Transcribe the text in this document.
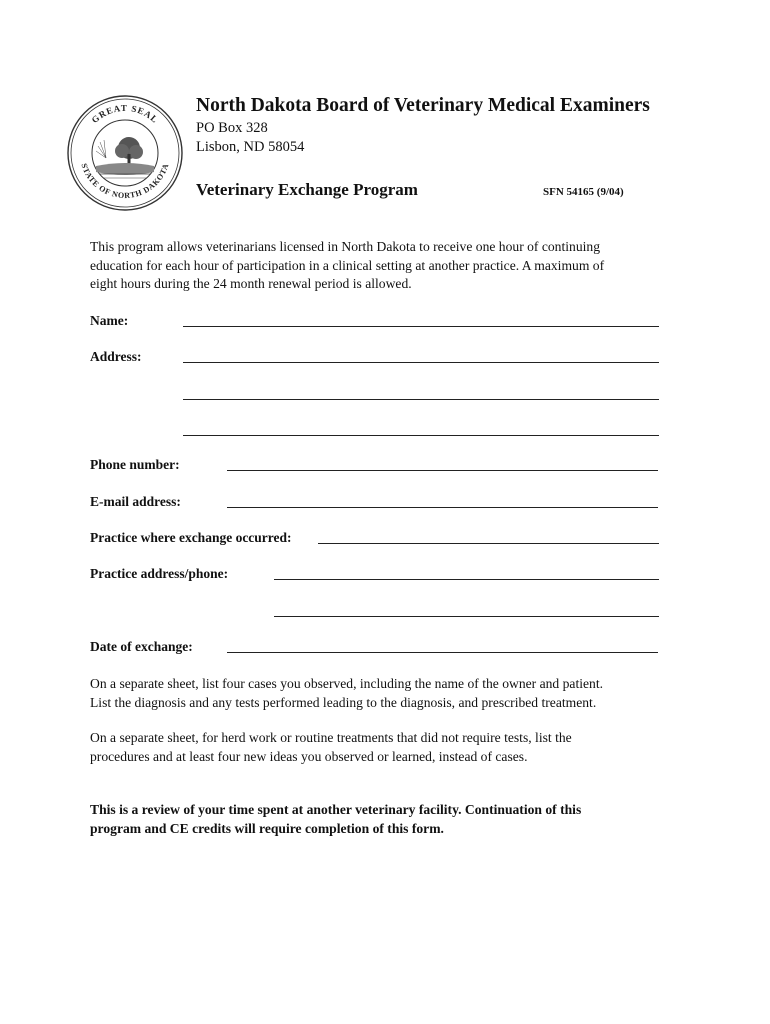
GREAT SEAL
STATE OF NORTH DAKOTA
North Dakota Board of Veterinary Medical Examiners
PO Box 328
Lisbon, ND 58054
Veterinary Exchange Program	SFN 54165 (9/04)
This program allows veterinarians licensed in North Dakota to receive one hour of continuing
education for each hour of participation in a clinical setting at another practice. A maximum of
eight hours during the 24 month renewal period is allowed.
Name:
Address:
Phone number:
E-mail address:
Practice where exchange occurred:
Practice address/phone:
Date of exchange:
On a separate sheet, list four cases you observed, including the name of the owner and patient.
List the diagnosis and any tests performed leading to the diagnosis, and prescribed treatment.
On a separate sheet, for herd work or routine treatments that did not require tests, list the
procedures and at least four new ideas you observed or learned, instead of cases.
This is a review of your time spent at another veterinary facility. Continuation of this
program and CE credits will require completion of this form.
